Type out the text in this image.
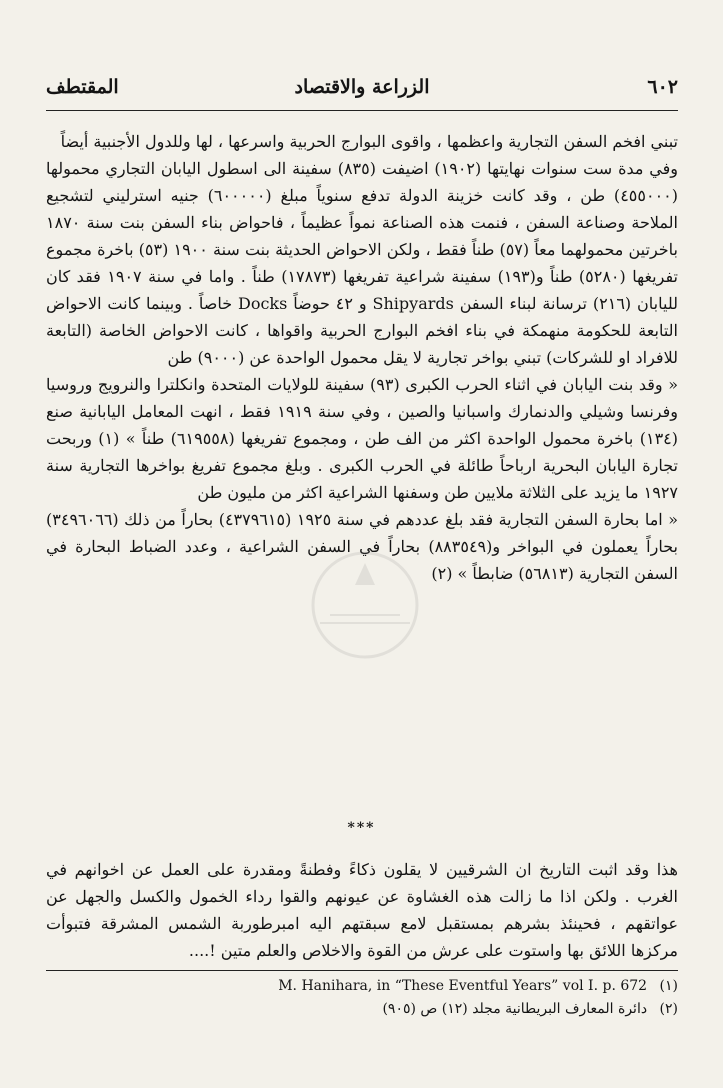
٦٠٢
الزراعة والاقتصاد
المقتطف

تبني افخم السفن التجارية واعظمها ، واقوى البوارج الحربية واسرعها ، لها وللدول الأجنبية أيضاً

وفي مدة ست سنوات نهايتها (١٩٠٢) اضيفت (٨٣٥) سفينة الى اسطول اليابان التجاري محمولها (٤٥٥٠٠٠) طن ، وقد كانت خزينة الدولة تدفع سنوياً مبلغ (٦٠٠٠٠٠) جنيه استرليني لتشجيع الملاحة وصناعة السفن ، فنمت هذه الصناعة نمواً عظيماً ، فاحواض بناء السفن بنت سنة ١٨٧٠ باخرتين محمولهما معاً (٥٧) طناً فقط ، ولكن الاحواض الحديثة بنت سنة ١٩٠٠ (٥٣) باخرة مجموع تفريغها (٥٢٨٠) طناً و(١٩٣) سفينة شراعية تفريغها (١٧٨٧٣) طناً . واما في سنة ١٩٠٧ فقد كان لليابان (٢١٦) ترسانة لبناء السفن Shipyards و ٤٢ حوضاً Docks خاصاً . وبينما كانت الاحواض التابعة للحكومة منهمكة في بناء افخم البوارج الحربية واقواها ، كانت الاحواض الخاصة (التابعة للافراد او للشركات) تبني بواخر تجارية لا يقل محمول الواحدة عن (٩٠٠٠) طن

« وقد بنت اليابان في اثناء الحرب الكبرى (٩٣) سفينة للولايات المتحدة وانكلترا والنرويج وروسيا وفرنسا وشيلي والدنمارك واسبانيا والصين ، وفي سنة ١٩١٩ فقط ، انهت المعامل اليابانية صنع (١٣٤) باخرة محمول الواحدة اكثر من الف طن ، ومجموع تفريغها (٦١٩٥٥٨) طناً » (١) وربحت تجارة اليابان البحرية ارباحاً طائلة في الحرب الكبرى . وبلغ مجموع تفريغ بواخرها التجارية سنة ١٩٢٧ ما يزيد على الثلاثة ملايين طن وسفنها الشراعية اكثر من مليون طن

« اما بحارة السفن التجارية فقد بلغ عددهم في سنة ١٩٢٥ (٤٣٧٩٦١٥) بحاراً من ذلك (٣٤٩٦٠٦٦) بحاراً يعملون في البواخر و(٨٨٣٥٤٩) بحاراً في السفن الشراعية ، وعدد الضباط البحارة في السفن التجارية (٥٦٨١٣) ضابطاً » (٢)

***

هذا وقد اثبت التاريخ ان الشرقيين لا يقلون ذكاءً وفطنةً ومقدرة على العمل عن اخوانهم في الغرب . ولكن اذا ما زالت هذه الغشاوة عن عيونهم والقوا رداء الخمول والكسل والجهل عن عواتقهم ، فحينئذ بشرهم بمستقبل لامع سبقتهم اليه امبرطوربة الشمس المشرقة فتبوأت مركزها اللائق بها واستوت على عرش من القوة والاخلاص والعلم متين !....

(١) M. Hanihara, in “These Eventful Years” vol I. p. 672
(٢) دائرة المعارف البريطانية مجلد (١٢) ص (٩٠٥)
